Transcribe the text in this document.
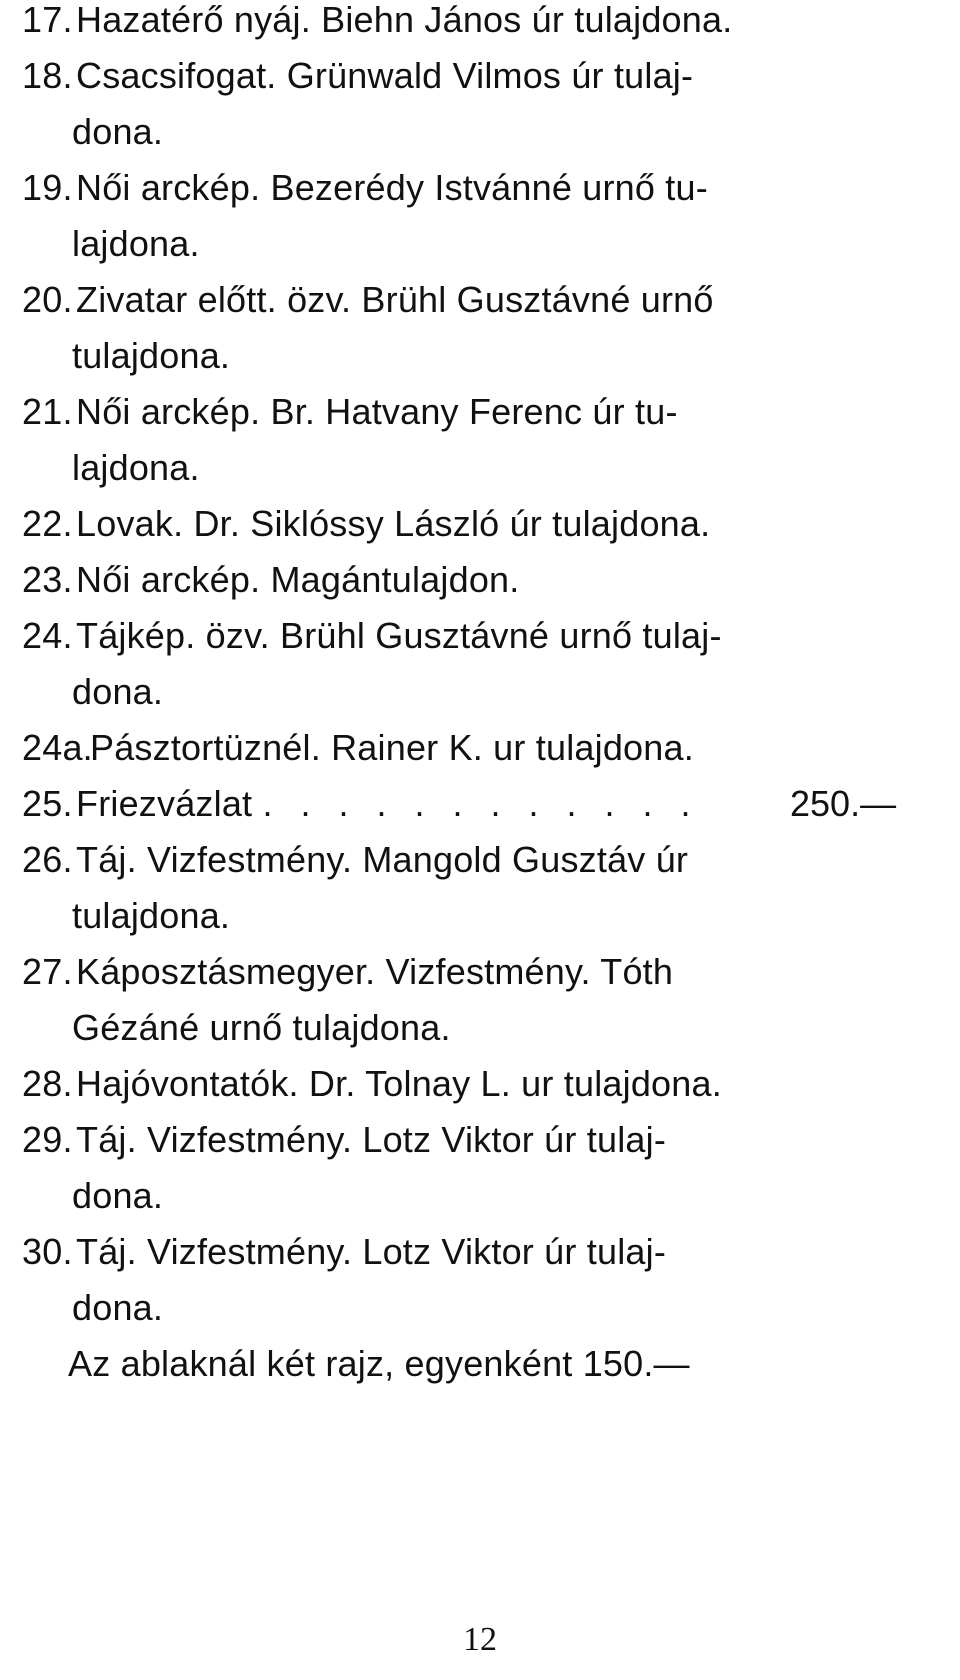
17.Hazatérő nyáj. Biehn János úr tulajdona.
18.Csacsifogat. Grünwald Vilmos úr tulaj-
dona.
19.Női arckép. Bezerédy Istvánné urnő tu-
lajdona.
20.Zivatar előtt. özv. Brühl Gusztávné urnő
tulajdona.
21.Női arckép. Br. Hatvany Ferenc úr tu-
lajdona.
22.Lovak. Dr. Siklóssy László úr tulajdona.
23.Női arckép. Magántulajdon.
24.Tájkép. özv. Brühl Gusztávné urnő tulaj-
dona.
24a.Pásztortüznél. Rainer K. ur tulajdona.
25.Friezvázlat . . . . . . . . . . . .	250.—
26.Táj. Vizfestmény. Mangold Gusztáv úr
tulajdona.
27.Káposztásmegyer. Vizfestmény. Tóth
Gézáné urnő tulajdona.
28.Hajóvontatók. Dr. Tolnay L. ur tulajdona.
29.Táj. Vizfestmény. Lotz Viktor úr tulaj-
dona.
30.Táj. Vizfestmény. Lotz Viktor úr tulaj-
dona.
Az ablaknál két rajz, egyenként 150.—
12
